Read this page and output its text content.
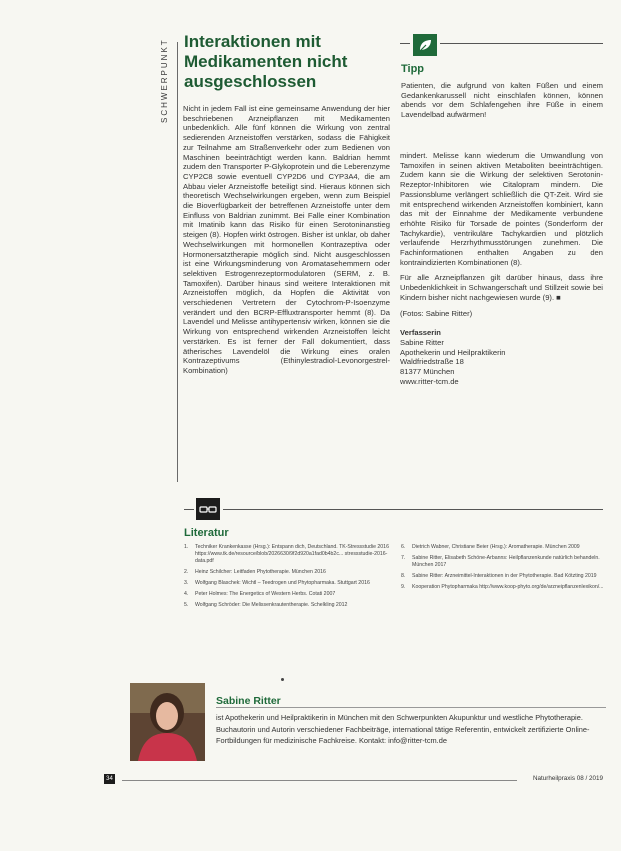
SCHWERPUNKT Interaktionen mit Medikamenten nicht ausgeschlossen

Nicht in jedem Fall ist eine gemeinsame Anwendung der hier beschriebenen Arzneipflanzen mit Medikamenten unbedenklich. Alle fünf können die Wirkung von zentral sedierenden Arzneistoffen verstärken, sodass die Fähigkeit zur Teilnahme am Straßenverkehr oder zum Bedienen von Maschinen beeinträchtigt werden kann. Baldrian hemmt zudem den Transporter P-Glykoprotein und die Leberenzyme CYP2C8 sowie eventuell CYP2D6 und CYP3A4, die am Abbau vieler Arzneistoffe beteiligt sind. Hieraus können sich theoretisch Wechselwirkungen ergeben, wenn zum Beispiel die Bioverfügbarkeit der betreffenen Arzneistoffe unter dem Einfluss von Baldrian zunimmt. Bei Falle einer Kombination mit Imatinib kann das Risiko für einen Serotoninanstieg steigen (8). Hopfen wirkt östrogen. Bisher ist unklar, ob daher Wechselwirkungen mit hormonellen Kontrazeptiva oder Hormonersatztherapie möglich sind. Nicht ausgeschlossen ist eine Wirkungsminderung von Aromatasehemmern oder selektiven Estrogenrezeptormodulatoren (SERM, z. B. Tamoxifen). Darüber hinaus sind weitere Interaktionen mit Arzneistoffen möglich, da Hopfen die Aktivität von verschiedenen Vertretern der Cytochrom-P-Isoenzyme verändert und den BCRP-Effluxtransporter hemmt (8). Da Lavendel und Melisse antihypertensiv wirken, können sie die Wirkung von entsprechend wirkenden Arzneistoffen leicht verstärken. Es ist ferner der Fall dokumentiert, dass ätherisches Lavendelöl die Wirkung eines oralen Kontrazeptivums (Ethinylestradiol-Levonorgestrel-Kombination)

Tipp
Patienten, die aufgrund von kalten Füßen und einem Gedankenkarussell nicht einschlafen können, können abends vor dem Schlafengehen ihre Füße in einem Lavendelbad aufwärmen!

mindert. Melisse kann wiederum die Umwandlung von Tamoxifen in seinen aktiven Metaboliten beeinträchtigen. Zudem kann sie die Wirkung der selektiven Serotonin-Rezeptor-Inhibitoren wie Citalopram mindern. Die Passionsblume verlängert schließlich die QT-Zeit. Wird sie mit entsprechend wirkenden Arzneistoffen kombiniert, kann das mit der Einnahme der Medikamente verbundene erhöhte Risiko für Torsade de pointes (Sonderform der Tachykardie), ventrikuläre Tachykardien und plötzlich verlaufende Herzrhythmusstörungen zunehmen. Die Fachinformationen enthalten Angaben zu den kontraindizierten Kombinationen (8).

Für alle Arzneipflanzen gilt darüber hinaus, dass ihre Unbedenklichkeit in Schwangerschaft und Stillzeit sowie bei Kindern bisher nicht nachgewiesen wurde (9). ■

(Fotos: Sabine Ritter)

Verfasserin
Sabine Ritter
Apothekerin und Heilpraktikerin
Waldfriedstraße 18
81377 München
www.ritter-tcm.de
Literatur
1.	Techniker Krankenkasse (Hrsg.): Entspann dich, Deutschland. TK-Stressstudie 2016 https://www.tk.de/resource/blob/2026630/9f2d920a1fad0b4b2c... stressstudie-2016-data.pdf
2.	Heinz Schilcher: Leitfaden Phytotherapie. München 2016
3.	Wolfgang Blaschek: Wichtl – Teedrogen und Phytopharmaka. Stuttgart 2016
4.	Peter Holmes: The Energetics of Western Herbs. Cotati 2007
5.	Wolfgang Schröder: Die Melissenkrautentherapie. Schelkling 2012
6.	Dietrich Wabner, Christiane Beier (Hrsg.): Aromatherapie. München 2009
7.	Sabine Ritter, Elisabeth Schöne-Arbanns: Heilpflanzenkunde natürlich behandeln. München 2017
8.	Sabine Ritter: Arzneimittel-Interaktionen in der Phytotherapie. Bad Kötzting 2019
9.	Kooperation Phytopharmaka http://www.koop-phyto.org/de/arzneipflanzenlexikon/...
Sabine Ritter
ist Apothekerin und Heilpraktikerin in München mit den Schwerpunkten Akupunktur und westliche Phytotherapie. Buchautorin und Autorin verschiedener Fachbeiträge, international tätige Referentin, entwickelt zertifizierte Online-Fortbildungen für medizinische Fachkreise. Kontakt: info@ritter-tcm.de
34	Naturheilpraxis 08 / 2019
